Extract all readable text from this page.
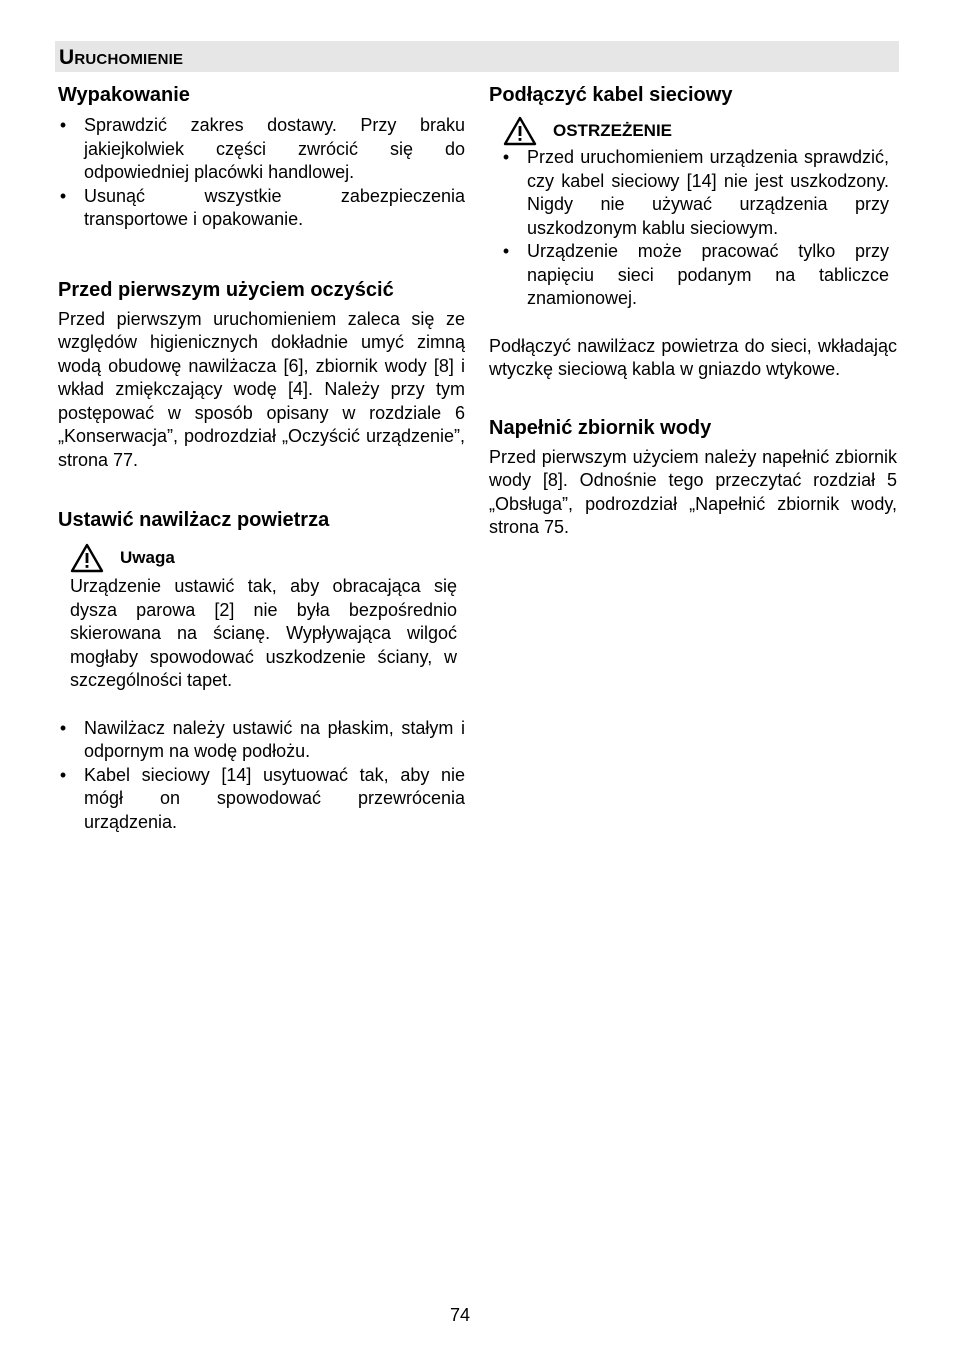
Uruchomienie
Wypakowanie
• Sprawdzić zakres dostawy. Przy braku jakiejkolwiek części zwrócić się do odpowiedniej placówki handlowej.
• Usunąć wszystkie zabezpieczenia transportowe i opakowanie.
Przed pierwszym użyciem oczyścić

Przed pierwszym uruchomieniem zaleca się ze względów higienicznych dokładnie umyć zimną wodą obudowę nawilżacza [6], zbiornik wody [8] i wkład zmiękczający wodę [4]. Należy przy tym postępować w sposób opisany w rozdziale 6 „Konserwacja”, podrozdział „Oczyścić urządzenie”, strona 77.

Ustawić nawilżacz powietrza
Uwaga

Urządzenie ustawić tak, aby obracająca się dysza parowa [2] nie była bezpośrednio skierowana na ścianę. Wypływająca wilgoć mogłaby spowodować uszkodzenie ściany, w szczególności tapet.

• Nawilżacz należy ustawić na płaskim, stałym i odpornym na wodę podłożu.
• Kabel sieciowy [14] usytuować tak, aby nie mógł on spowodować przewrócenia urządzenia.
Podłączyć kabel sieciowy
OSTRZEŻENIE
• Przed uruchomieniem urządzenia sprawdzić, czy kabel sieciowy [14] nie jest uszkodzony. Nigdy nie używać urządzenia przy uszkodzonym kablu sieciowym.
• Urządzenie może pracować tylko przy napięciu sieci podanym na tabliczce znamionowej.

Podłączyć nawilżacz powietrza do sieci, wkładając wtyczkę sieciową kabla w gniazdo wtykowe.

Napełnić zbiornik wody

Przed pierwszym użyciem należy napełnić zbiornik wody [8]. Odnośnie tego przeczytać rozdział 5 „Obsługa”, podrozdział „Napełnić zbiornik wody, strona 75.

74
